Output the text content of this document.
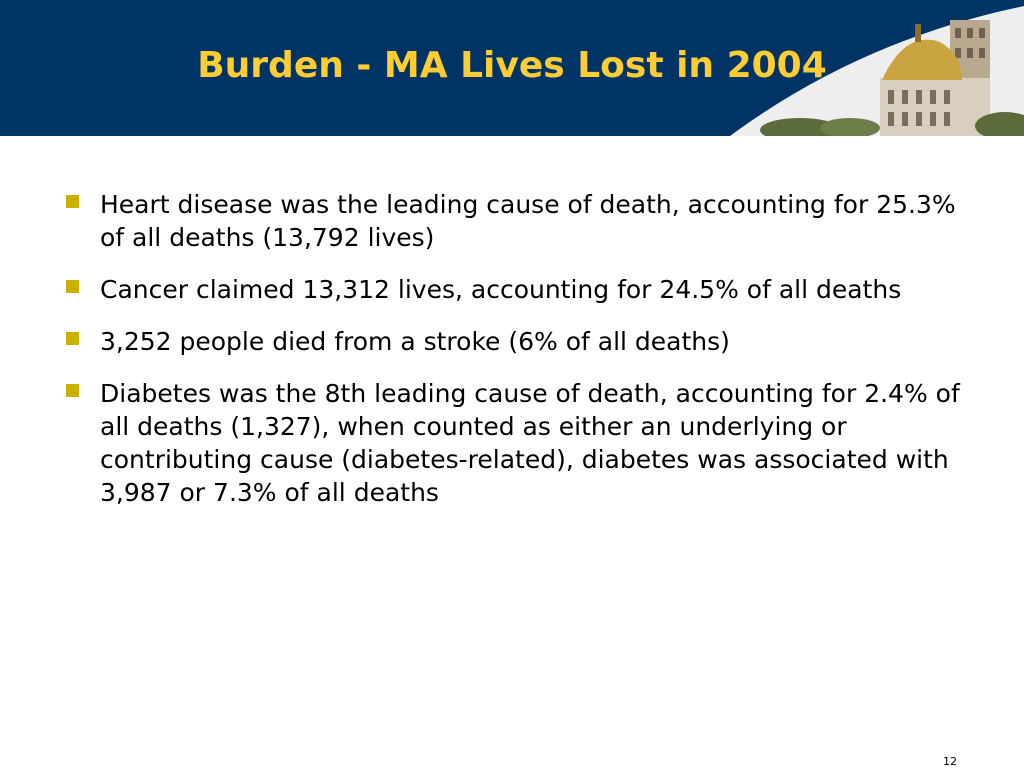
Burden - MA Lives Lost in 2004
Heart disease was the leading cause of death, accounting for 25.3% of all deaths (13,792 lives)
Cancer claimed 13,312 lives, accounting for 24.5% of all deaths
3,252 people died from a stroke (6% of all deaths)
Diabetes was the 8th leading cause of death, accounting for 2.4% of all deaths (1,327), when counted as either an underlying or contributing cause (diabetes-related), diabetes was associated with 3,987 or 7.3% of all deaths
12
